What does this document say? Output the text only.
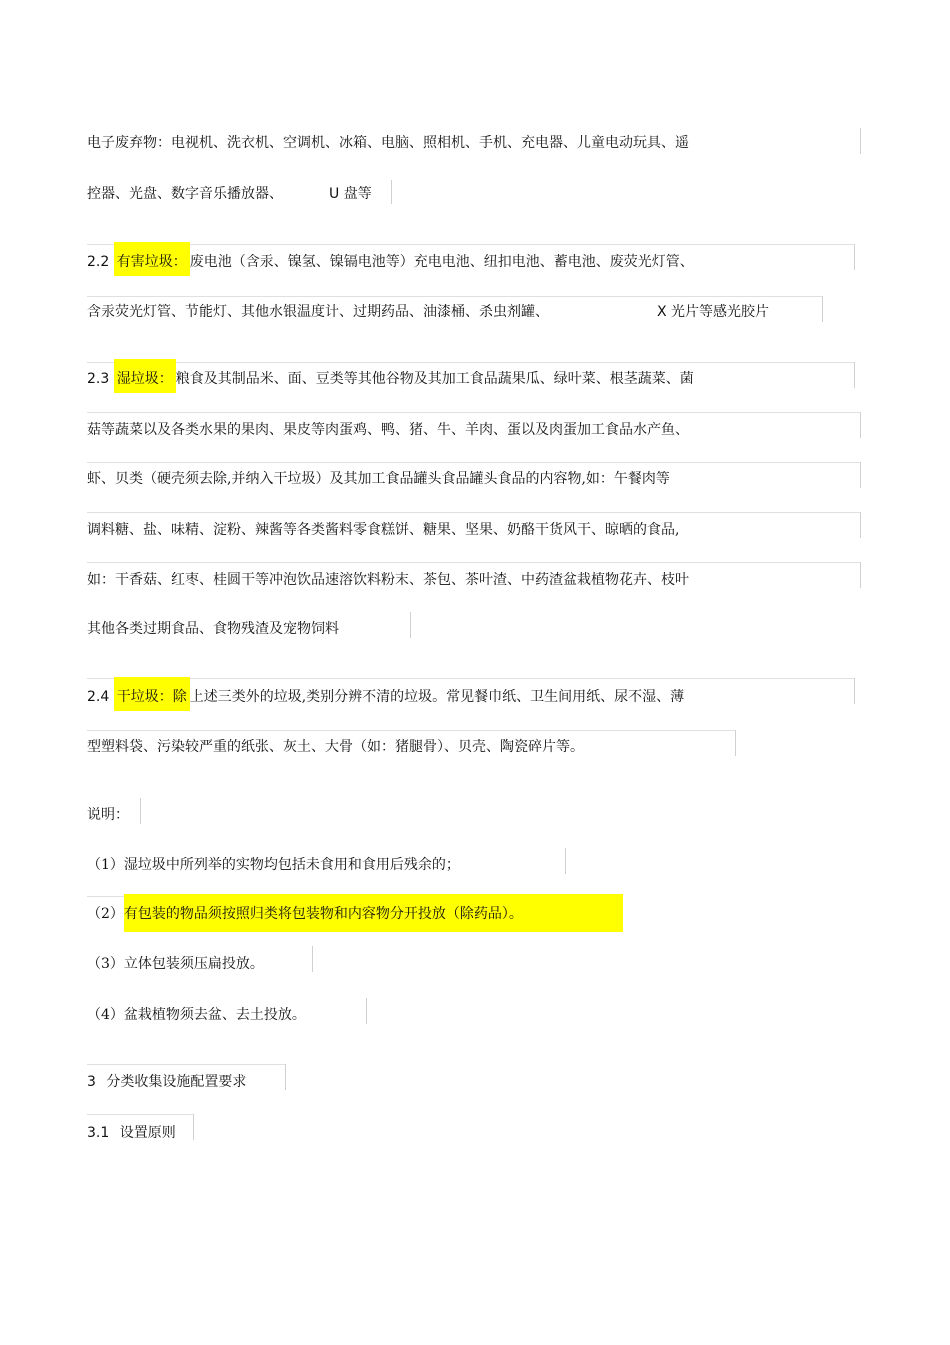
电子废弃物：电视机、洗衣机、空调机、冰箱、电脑、照相机、手机、充电器、儿童电动玩具、遥
控器、光盘、数字音乐播放器、	U 盘等
2.2 有害垃圾： 废电池（含汞、镍氢、镍镉电池等）充电电池、纽扣电池、蓄电池、废荧光灯管、
含汞荧光灯管、节能灯、其他水银温度计、过期药品、油漆桶、杀虫剂罐、	X 光片等感光胶片
2.3 湿垃圾： 粮食及其制品米、面、豆类等其他谷物及其加工食品蔬果瓜、绿叶菜、根茎蔬菜、菌
菇等蔬菜以及各类水果的果肉、果皮等肉蛋鸡、鸭、猪、牛、羊肉、蛋以及肉蛋加工食品水产鱼、
虾、贝类（硬壳须去除,并纳入干垃圾）及其加工食品罐头食品罐头食品的内容物,如：午餐肉等
调料糖、盐、味精、淀粉、辣酱等各类酱料零食糕饼、糖果、坚果、奶酪干货风干、晾晒的食品,
如：干香菇、红枣、桂圆干等冲泡饮品速溶饮料粉末、茶包、茶叶渣、中药渣盆栽植物花卉、枝叶
其他各类过期食品、食物残渣及宠物饲料
2.4 干垃圾：除 上述三类外的垃圾,类别分辨不清的垃圾。常见餐巾纸、卫生间用纸、尿不湿、薄
型塑料袋、污染较严重的纸张、灰土、大骨（如：猪腿骨）、贝壳、陶瓷碎片等。
说明：
（1）湿垃圾中所列举的实物均包括未食用和食用后残余的；
（2）有包装的物品须按照归类将包装物和内容物分开投放（除药品）。
（3）立体包装须压扁投放。
（4）盆栽植物须去盆、去土投放。
3 分类收集设施配置要求
3.1 设置原则
